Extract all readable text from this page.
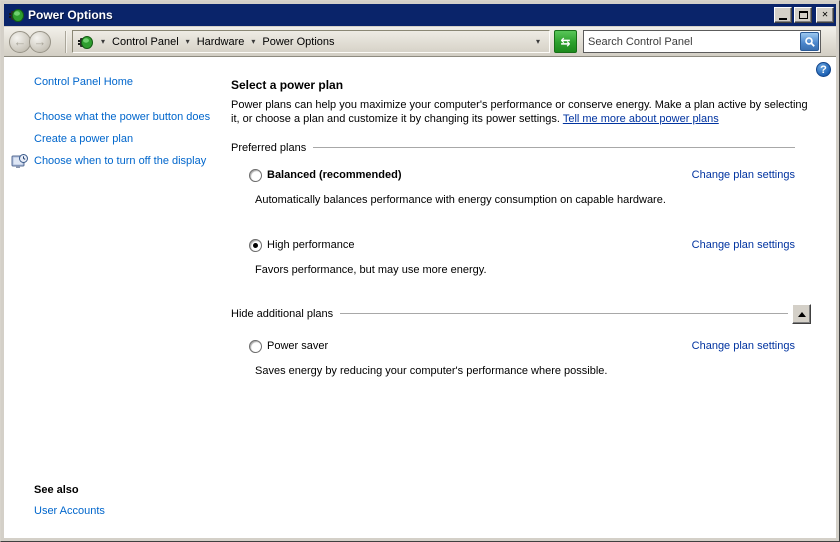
Power Options	✕
← →	▾ Control Panel ▾ Hardware ▾ Power Options	▾	⇆
Search Control Panel
?
Control Panel Home
Choose what the power button does
Create a power plan
Choose when to turn off the display
See also
User Accounts
Select a power plan
Power plans can help you maximize your computer's performance or conserve energy. Make a plan active by selecting it, or choose a plan and customize it by changing its power settings. Tell me more about power plans
Preferred plans
Balanced (recommended)	Change plan settings
Automatically balances performance with energy consumption on capable hardware.
High performance	Change plan settings
Favors performance, but may use more energy.
Hide additional plans
Power saver	Change plan settings
Saves energy by reducing your computer's performance where possible.
